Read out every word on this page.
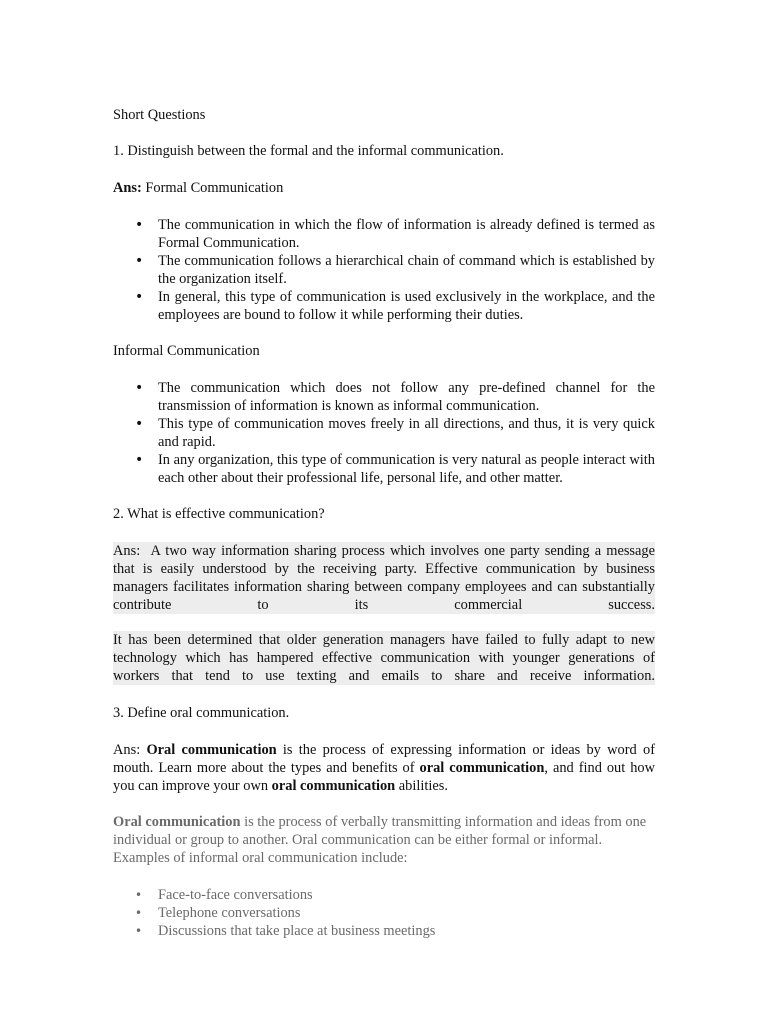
Short Questions

1. Distinguish between the formal and the informal communication.

Ans: Formal Communication

• The communication in which the flow of information is already defined is termed as Formal Communication.
• The communication follows a hierarchical chain of command which is established by the organization itself.
• In general, this type of communication is used exclusively in the workplace, and the employees are bound to follow it while performing their duties.

Informal Communication

• The communication which does not follow any pre-defined channel for the transmission of information is known as informal communication.
• This type of communication moves freely in all directions, and thus, it is very quick and rapid.
• In any organization, this type of communication is very natural as people interact with each other about their professional life, personal life, and other matter.

2. What is effective communication?

Ans: A two way information sharing process which involves one party sending a message that is easily understood by the receiving party. Effective communication by business managers facilitates information sharing between company employees and can substantially contribute to its commercial success.

It has been determined that older generation managers have failed to fully adapt to new technology which has hampered effective communication with younger generations of workers that tend to use texting and emails to share and receive information.

3. Define oral communication.

Ans: Oral communication is the process of expressing information or ideas by word of mouth. Learn more about the types and benefits of oral communication, and find out how you can improve your own oral communication abilities.

Oral communication is the process of verbally transmitting information and ideas from one individual or group to another. Oral communication can be either formal or informal. Examples of informal oral communication include:

• Face-to-face conversations
• Telephone conversations
• Discussions that take place at business meetings
